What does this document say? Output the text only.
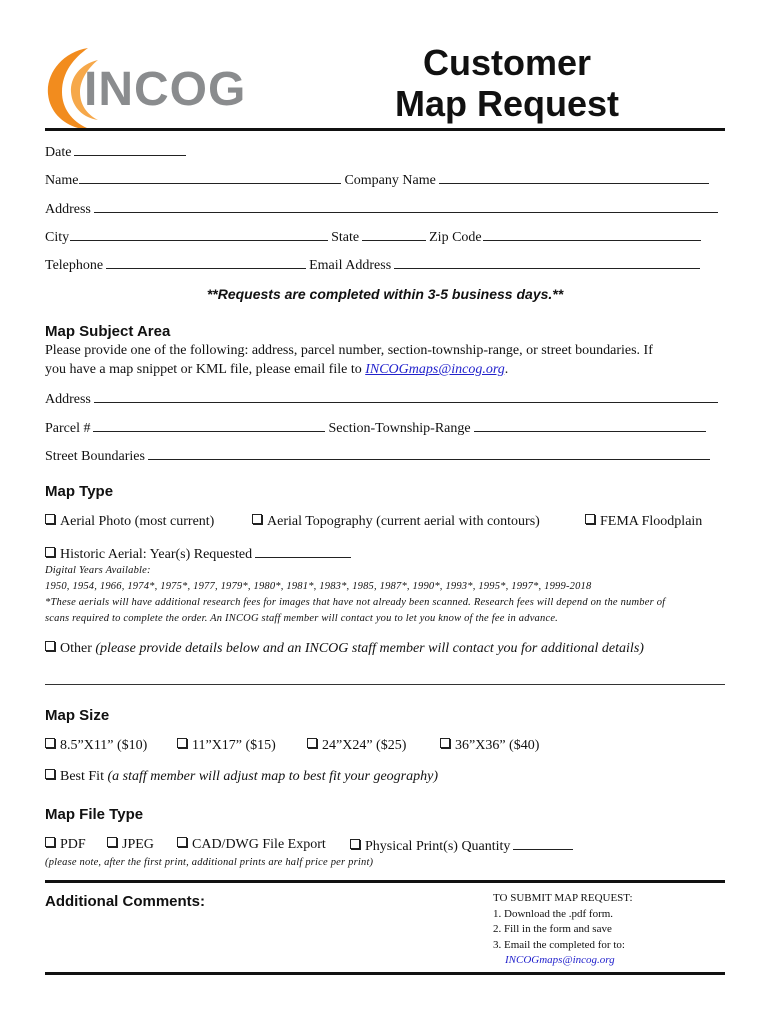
INCOG
Customer
Map Request
Date
Name	Company Name
Address
City	State	Zip Code
Telephone	Email Address
**Requests are completed within 3-5 business days.**
Map Subject Area
Please provide one of the following: address, parcel number, section-township-range, or street boundaries. If
you have a map snippet or KML file, please email file to INCOGmaps@incog.org.
Address
Parcel #	Section-Township-Range
Street Boundaries
Map Type
Aerial Photo (most current)	Aerial Topography (current aerial with contours)	FEMA Floodplain
Historic Aerial: Year(s) Requested
Digital Years Available:
1950, 1954, 1966, 1974*, 1975*, 1977, 1979*, 1980*, 1981*, 1983*, 1985, 1987*, 1990*, 1993*, 1995*, 1997*, 1999-2018
*These aerials will have additional research fees for images that have not already been scanned. Research fees will depend on the number of
scans required to complete the order. An INCOG staff member will contact you to let you know of the fee in advance.
Other
(please provide details below and an INCOG staff member will contact you for additional details)
Map Size
8.5”X11” ($10)	11”X17” ($15)	24”X24” ($25)	36”X36” ($40)
Best Fit
(a staff member will adjust map to best fit your geography)
Map File Type
PDF	JPEG	CAD/DWG File Export	Physical Print(s) Quantity
(please note, after the first print, additional prints are half price per print)
Additional Comments:	TO SUBMIT MAP REQUEST:
1. Download the .pdf form.
2. Fill in the form and save
3. Email the completed for to:
INCOGmaps@incog.org
